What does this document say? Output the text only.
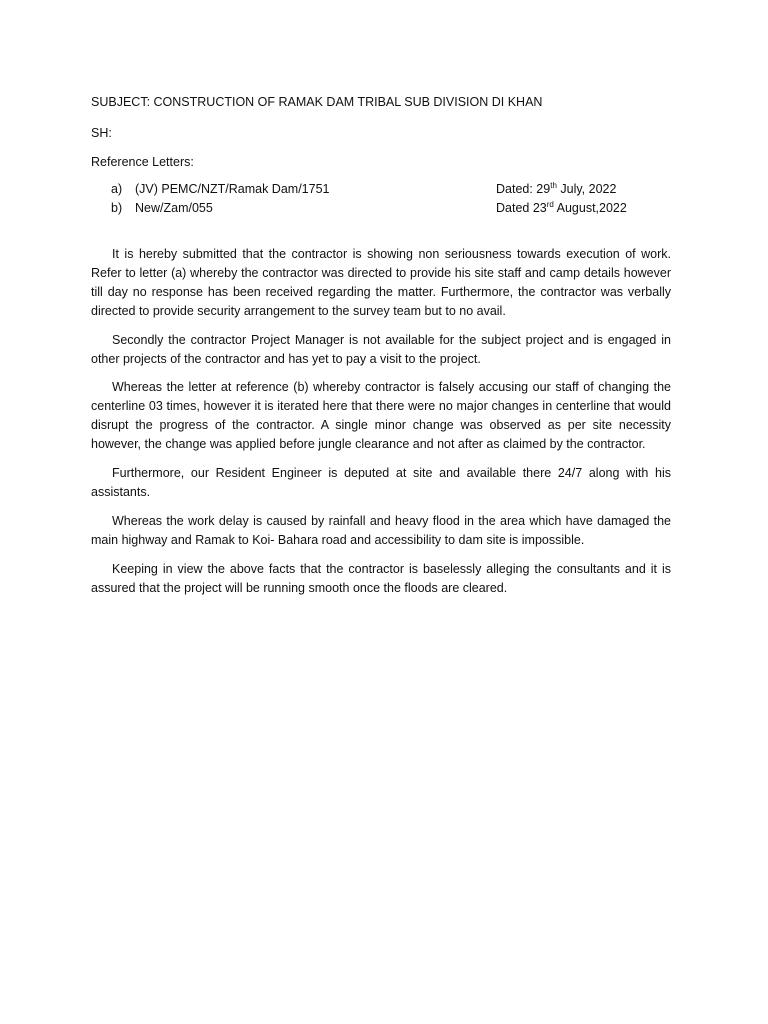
SUBJECT: CONSTRUCTION OF RAMAK DAM TRIBAL SUB DIVISION DI KHAN
SH:
Reference Letters:
a) (JV) PEMC/NZT/Ramak Dam/1751	Dated: 29th July, 2022
b) New/Zam/055	Dated 23rd August,2022

It is hereby submitted that the contractor is showing non seriousness towards execution of work. Refer to letter (a) whereby the contractor was directed to provide his site staff and camp details however till day no response has been received regarding the matter. Furthermore, the contractor was verbally directed to provide security arrangement to the survey team but to no avail.

Secondly the contractor Project Manager is not available for the subject project and is engaged in other projects of the contractor and has yet to pay a visit to the project.

Whereas the letter at reference (b) whereby contractor is falsely accusing our staff of changing the centerline 03 times, however it is iterated here that there were no major changes in centerline that would disrupt the progress of the contractor. A single minor change was observed as per site necessity however, the change was applied before jungle clearance and not after as claimed by the contractor.

Furthermore, our Resident Engineer is deputed at site and available there 24/7 along with his assistants.

Whereas the work delay is caused by rainfall and heavy flood in the area which have damaged the main highway and Ramak to Koi- Bahara road and accessibility to dam site is impossible.

Keeping in view the above facts that the contractor is baselessly alleging the consultants and it is assured that the project will be running smooth once the floods are cleared.
